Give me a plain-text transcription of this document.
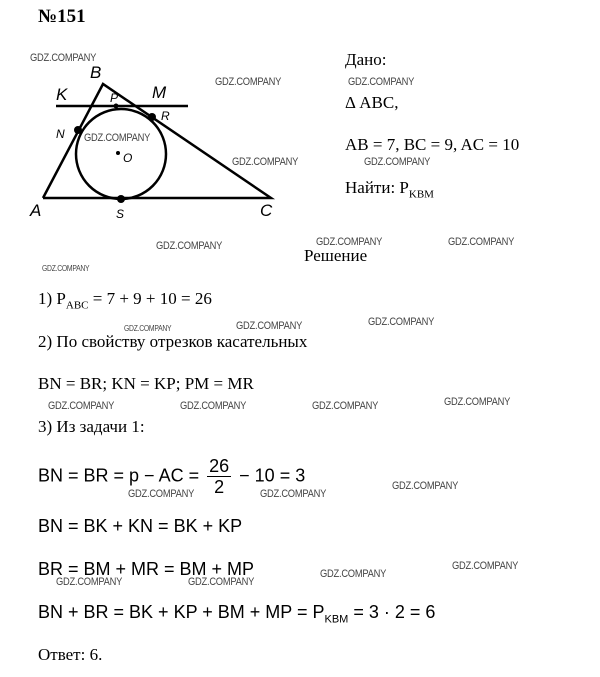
№151
B
K	M
A	C
N
P
R
S
O
Дано:
Δ ABC,
AB = 7, BC = 9, AC = 10
Найти: $P_{KBM}$
Решение
1) $P_{ABC} = 7 + 9 + 10 = 26$
2) По свойству отрезков касательных
BN = BR; KN = KP; PM = MR
3) Из задачи 1:
BN = BR = p − AC = $\frac{26}{2} - 10 = 3$
BN = BK + KN = BK + KP
BR = BM + MR = BM + MP
BN + BR = BK + KP + BM + MP = $P_{KBM} = 3 \cdot 2 = 6$
Ответ: 6.
GDZ.COMPANY
GDZ.COMPANY	GDZ.COMPANY
GDZ.COMPANY
GDZ.COMPANY	GDZ.COMPANY
GDZ.COMPANY	GDZ.COMPANY	GDZ.COMPANY
GDZ.COMPANY
GDZ.COMPANY	GDZ.COMPANY	GDZ.COMPANY
GDZ.COMPANY	GDZ.COMPANY	GDZ.COMPANY	GDZ.COMPANY
GDZ.COMPANY	GDZ.COMPANY
GDZ.COMPANY
GDZ.COMPANY	GDZ.COMPANY
GDZ.COMPANY
GDZ.COMPANY
